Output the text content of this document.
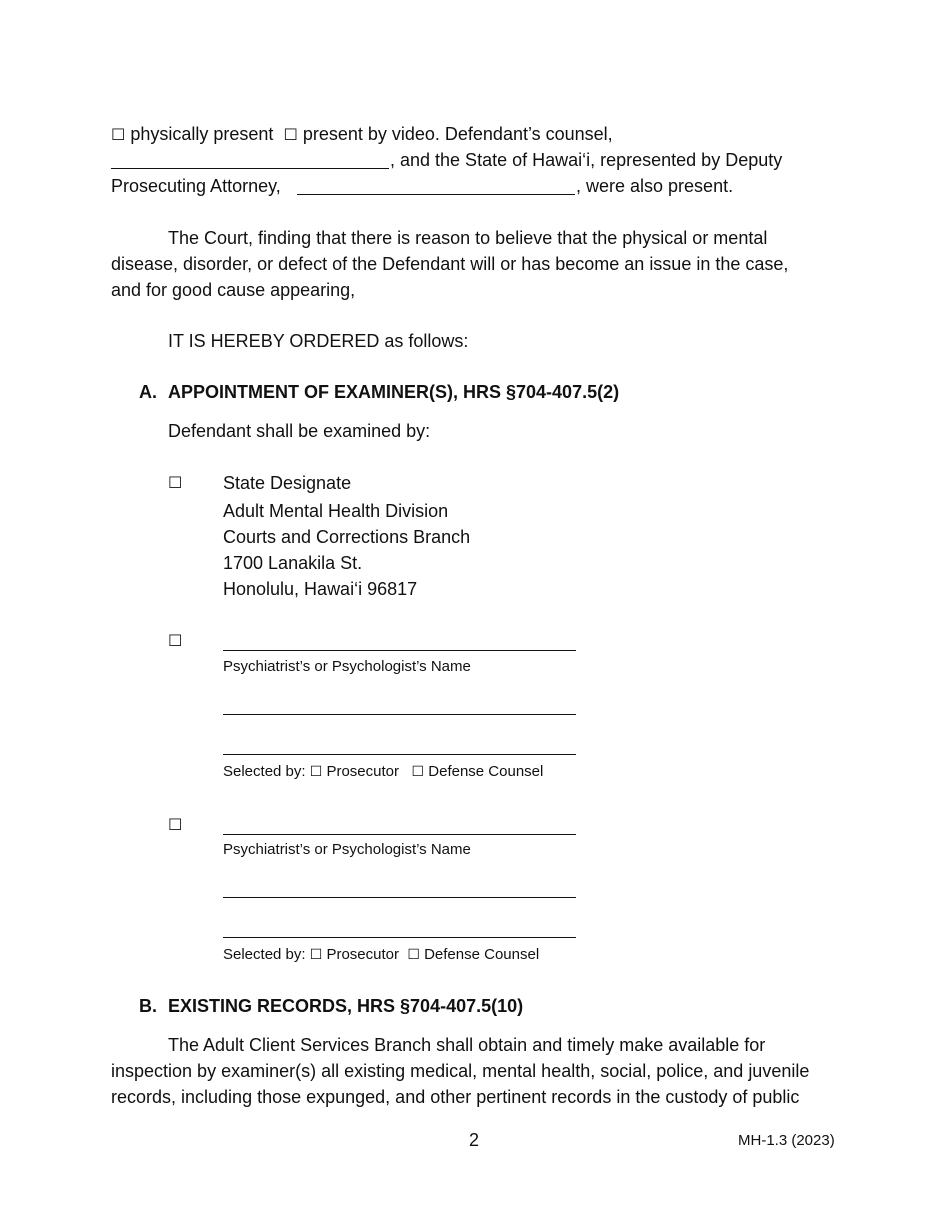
☐ physically present ☐ present by video. Defendant’s counsel,
, and the State of Hawai‘i, represented by Deputy
Prosecuting Attorney,	, were also present.
The Court, finding that there is reason to believe that the physical or mental
disease, disorder, or defect of the Defendant will or has become an issue in the case,
and for good cause appearing,
IT IS HEREBY ORDERED as follows:
A. APPOINTMENT OF EXAMINER(S), HRS §704-407.5(2)
Defendant shall be examined by:
☐ State Designate
Adult Mental Health Division
Courts and Corrections Branch
1700 Lanakila St.
Honolulu, Hawai‘i 96817
☐
Psychiatrist’s or Psychologist’s Name
Selected by: ☐ Prosecutor ☐ Defense Counsel
☐
Psychiatrist’s or Psychologist’s Name
Selected by: ☐ Prosecutor ☐ Defense Counsel
B. EXISTING RECORDS, HRS §704-407.5(10)
The Adult Client Services Branch shall obtain and timely make available for
inspection by examiner(s) all existing medical, mental health, social, police, and juvenile
records, including those expunged, and other pertinent records in the custody of public
2	MH-1.3 (2023)
